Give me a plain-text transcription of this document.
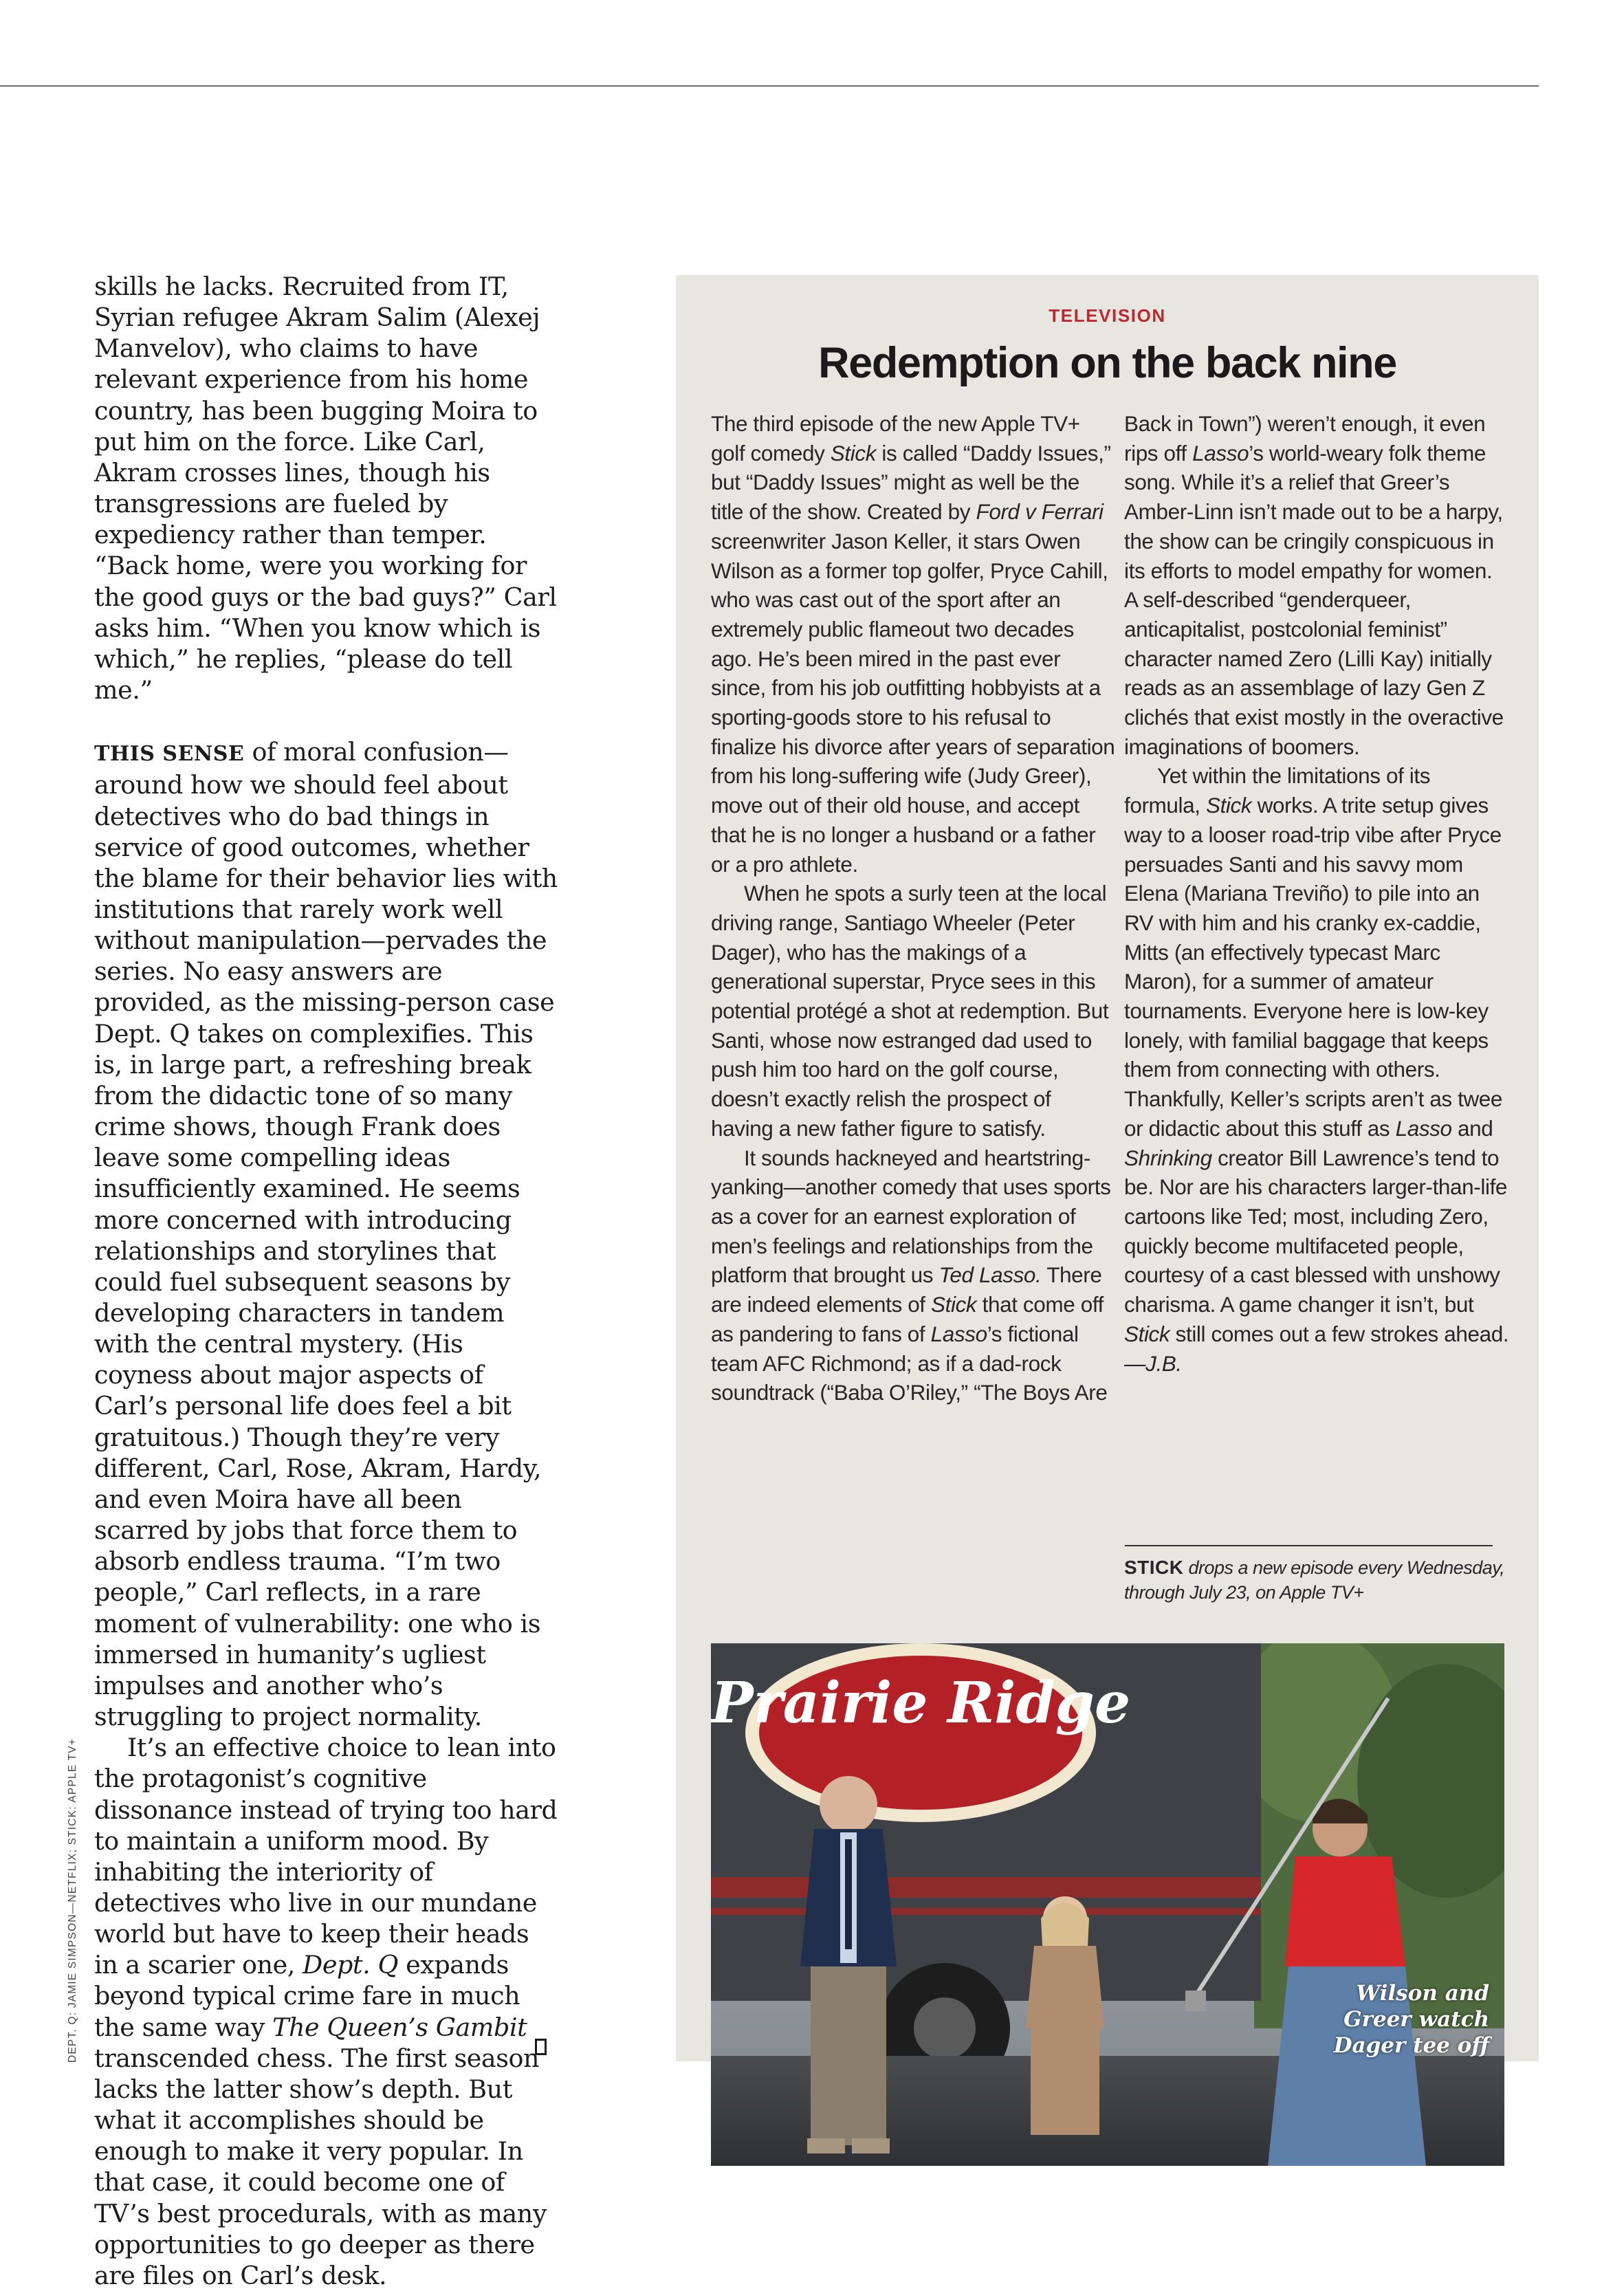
skills he lacks. Recruited from IT, Syrian refugee Akram Salim (Alexej Manvelov), who claims to have relevant experience from his home country, has been bugging Moira to put him on the force. Like Carl, Akram crosses lines, though his transgressions are fueled by expediency rather than temper. “Back home, were you working for the good guys or the bad guys?” Carl asks him. “When you know which is which,” he replies, “please do tell me.”

THIS SENSE of moral confusion—around how we should feel about detectives who do bad things in service of good outcomes, whether the blame for their behavior lies with institutions that rarely work well without manipulation—pervades the series. No easy answers are provided, as the missing-person case Dept. Q takes on complexifies. This is, in large part, a refreshing break from the didactic tone of so many crime shows, though Frank does leave some compelling ideas insufficiently examined. He seems more concerned with introducing relationships and storylines that could fuel subsequent seasons by developing characters in tandem with the central mystery. (His coyness about major aspects of Carl’s personal life does feel a bit gratuitous.) Though they’re very different, Carl, Rose, Akram, Hardy, and even Moira have all been scarred by jobs that force them to absorb endless trauma. “I’m two people,” Carl reflects, in a rare moment of vulnerability: one who is immersed in humanity’s ugliest impulses and another who’s struggling to project normality.

It’s an effective choice to lean into the protagonist’s cognitive dissonance instead of trying too hard to maintain a uniform mood. By inhabiting the interiority of detectives who live in our mundane world but have to keep their heads in a scarier one, Dept. Q expands beyond typical crime fare in much the same way The Queen’s Gambit transcended chess. The first season lacks the latter show’s depth. But what it accomplishes should be enough to make it very popular. In that case, it could become one of TV’s best procedurals, with as many opportunities to go deeper as there are files on Carl’s desk.

DEPT. Q: JAMIE SIMPSON—NETFLIX; STICK: APPLE TV+
TELEVISION
Redemption on the back nine

The third episode of the new Apple TV+ golf comedy Stick is called “Daddy Issues,” but “Daddy Issues” might as well be the title of the show. Created by Ford v Ferrari screenwriter Jason Keller, it stars Owen Wilson as a former top golfer, Pryce Cahill, who was cast out of the sport after an extremely public flameout two decades ago. He’s been mired in the past ever since, from his job outfitting hobbyists at a sporting-goods store to his refusal to finalize his divorce after years of separation from his long-suffering wife (Judy Greer), move out of their old house, and accept that he is no longer a husband or a father or a pro athlete.

When he spots a surly teen at the local driving range, Santiago Wheeler (Peter Dager), who has the makings of a generational superstar, Pryce sees in this potential protégé a shot at redemption. But Santi, whose now estranged dad used to push him too hard on the golf course, doesn’t exactly relish the prospect of having a new father figure to satisfy.

It sounds hackneyed and heartstring-yanking—another comedy that uses sports as a cover for an earnest exploration of men’s feelings and relationships from the platform that brought us Ted Lasso. There are indeed elements of Stick that come off as pandering to fans of Lasso’s fictional team AFC Richmond; as if a dad-rock soundtrack (“Baba O’Riley,” “The Boys Are

Back in Town”) weren’t enough, it even rips off Lasso’s world-weary folk theme song. While it’s a relief that Greer’s Amber-Linn isn’t made out to be a harpy, the show can be cringily conspicuous in its efforts to model empathy for women. A self-described “genderqueer, anticapitalist, postcolonial feminist” character named Zero (Lilli Kay) initially reads as an assemblage of lazy Gen Z clichés that exist mostly in the overactive imaginations of boomers.

Yet within the limitations of its formula, Stick works. A trite setup gives way to a looser road-trip vibe after Pryce persuades Santi and his savvy mom Elena (Mariana Treviño) to pile into an RV with him and his cranky ex-caddie, Mitts (an effectively typecast Marc Maron), for a summer of amateur tournaments. Everyone here is low-key lonely, with familial baggage that keeps them from connecting with others. Thankfully, Keller’s scripts aren’t as twee or didactic about this stuff as Lasso and Shrinking creator Bill Lawrence’s tend to be. Nor are his characters larger-than-life cartoons like Ted; most, including Zero, quickly become multifaceted people, courtesy of a cast blessed with unshowy charisma. A game changer it isn’t, but Stick still comes out a few strokes ahead. —J.B.

STICK drops a new episode every Wednesday, through July 23, on Apple TV+
Prairie Ridge
Wilson and Greer watch Dager tee off
